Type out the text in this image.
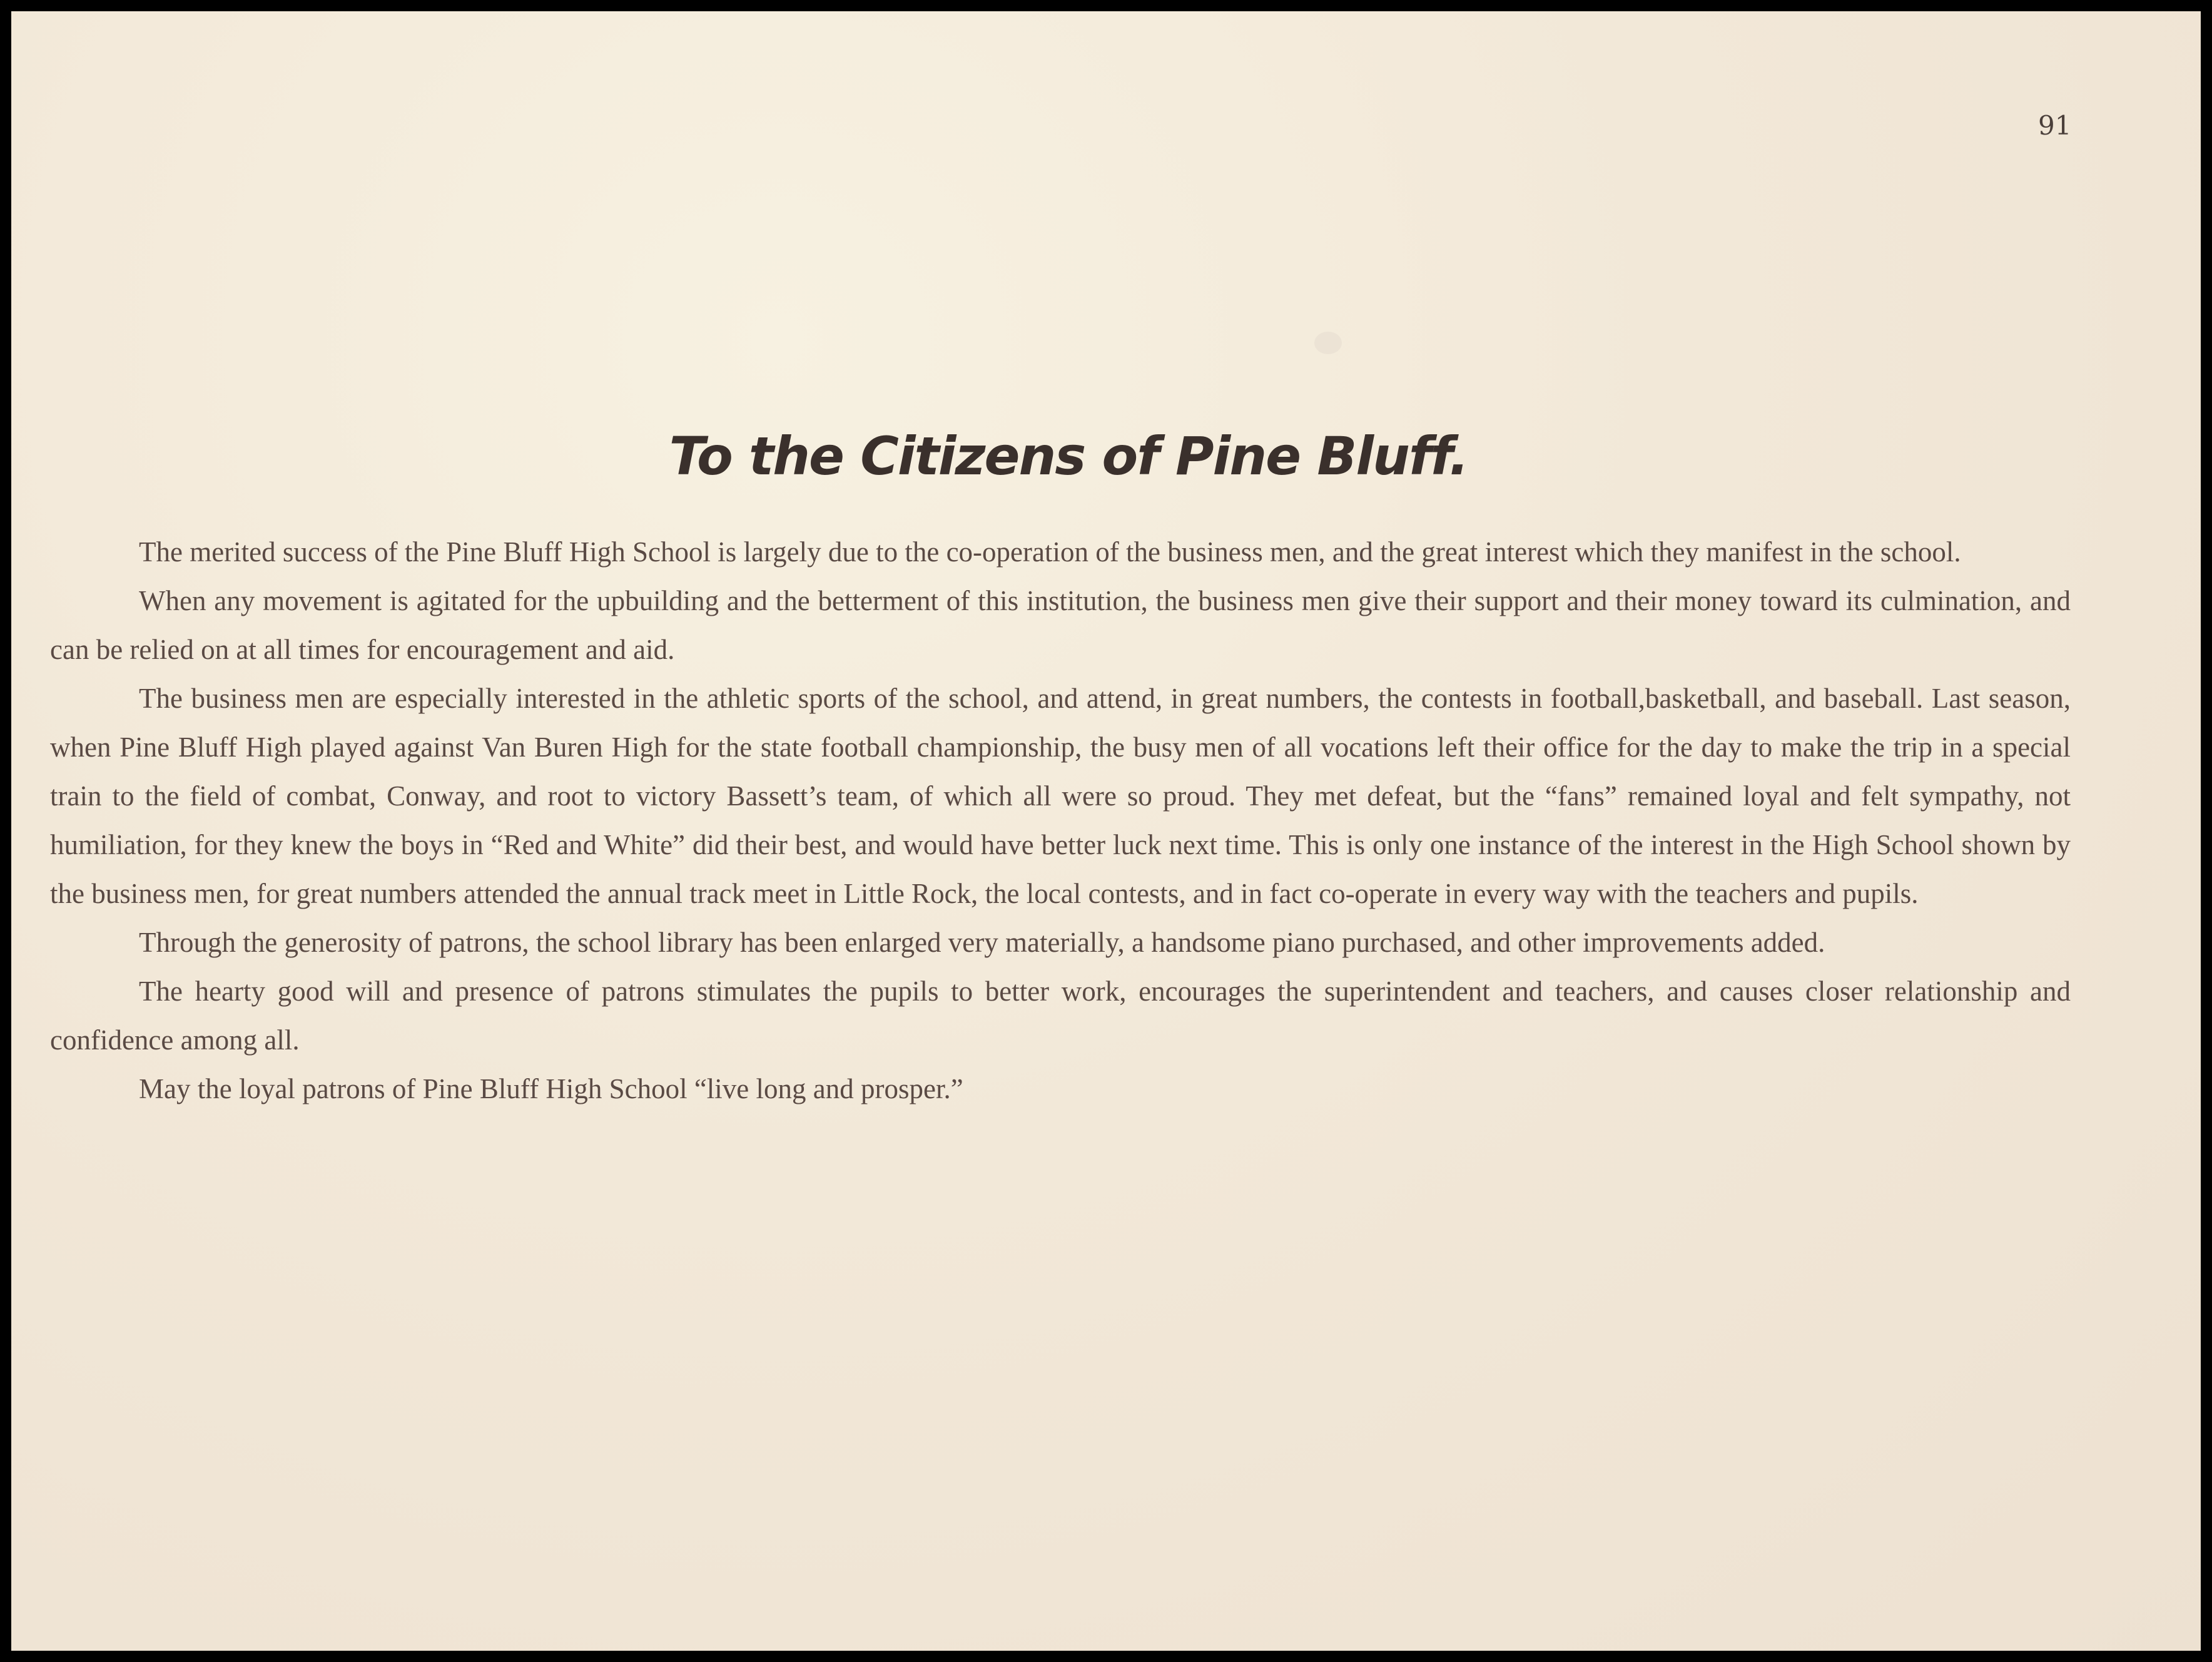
91
To the Citizens of Pine Bluff.

The merited success of the Pine Bluff High School is largely due to the co-operation of the business men, and the great interest which they manifest in the school.

When any movement is agitated for the upbuilding and the betterment of this institution, the business men give their support and their money toward its culmination, and can be relied on at all times for encouragement and aid.

The business men are especially interested in the athletic sports of the school, and attend, in great numbers, the contests in football,basketball, and baseball. Last season, when Pine Bluff High played against Van Buren High for the state football championship, the busy men of all vocations left their office for the day to make the trip in a special train to the field of combat, Conway, and root to victory Bassett’s team, of which all were so proud. They met defeat, but the “fans” remained loyal and felt sympathy, not humiliation, for they knew the boys in “Red and White” did their best, and would have better luck next time. This is only one instance of the interest in the High School shown by the business men, for great numbers attended the annual track meet in Little Rock, the local contests, and in fact co-operate in every way with the teachers and pupils.

Through the generosity of patrons, the school library has been enlarged very materially, a handsome piano purchased, and other improvements added.

The hearty good will and presence of patrons stimulates the pupils to better work, encourages the superintendent and teachers, and causes closer relationship and confidence among all.

May the loyal patrons of Pine Bluff High School “live long and prosper.”
